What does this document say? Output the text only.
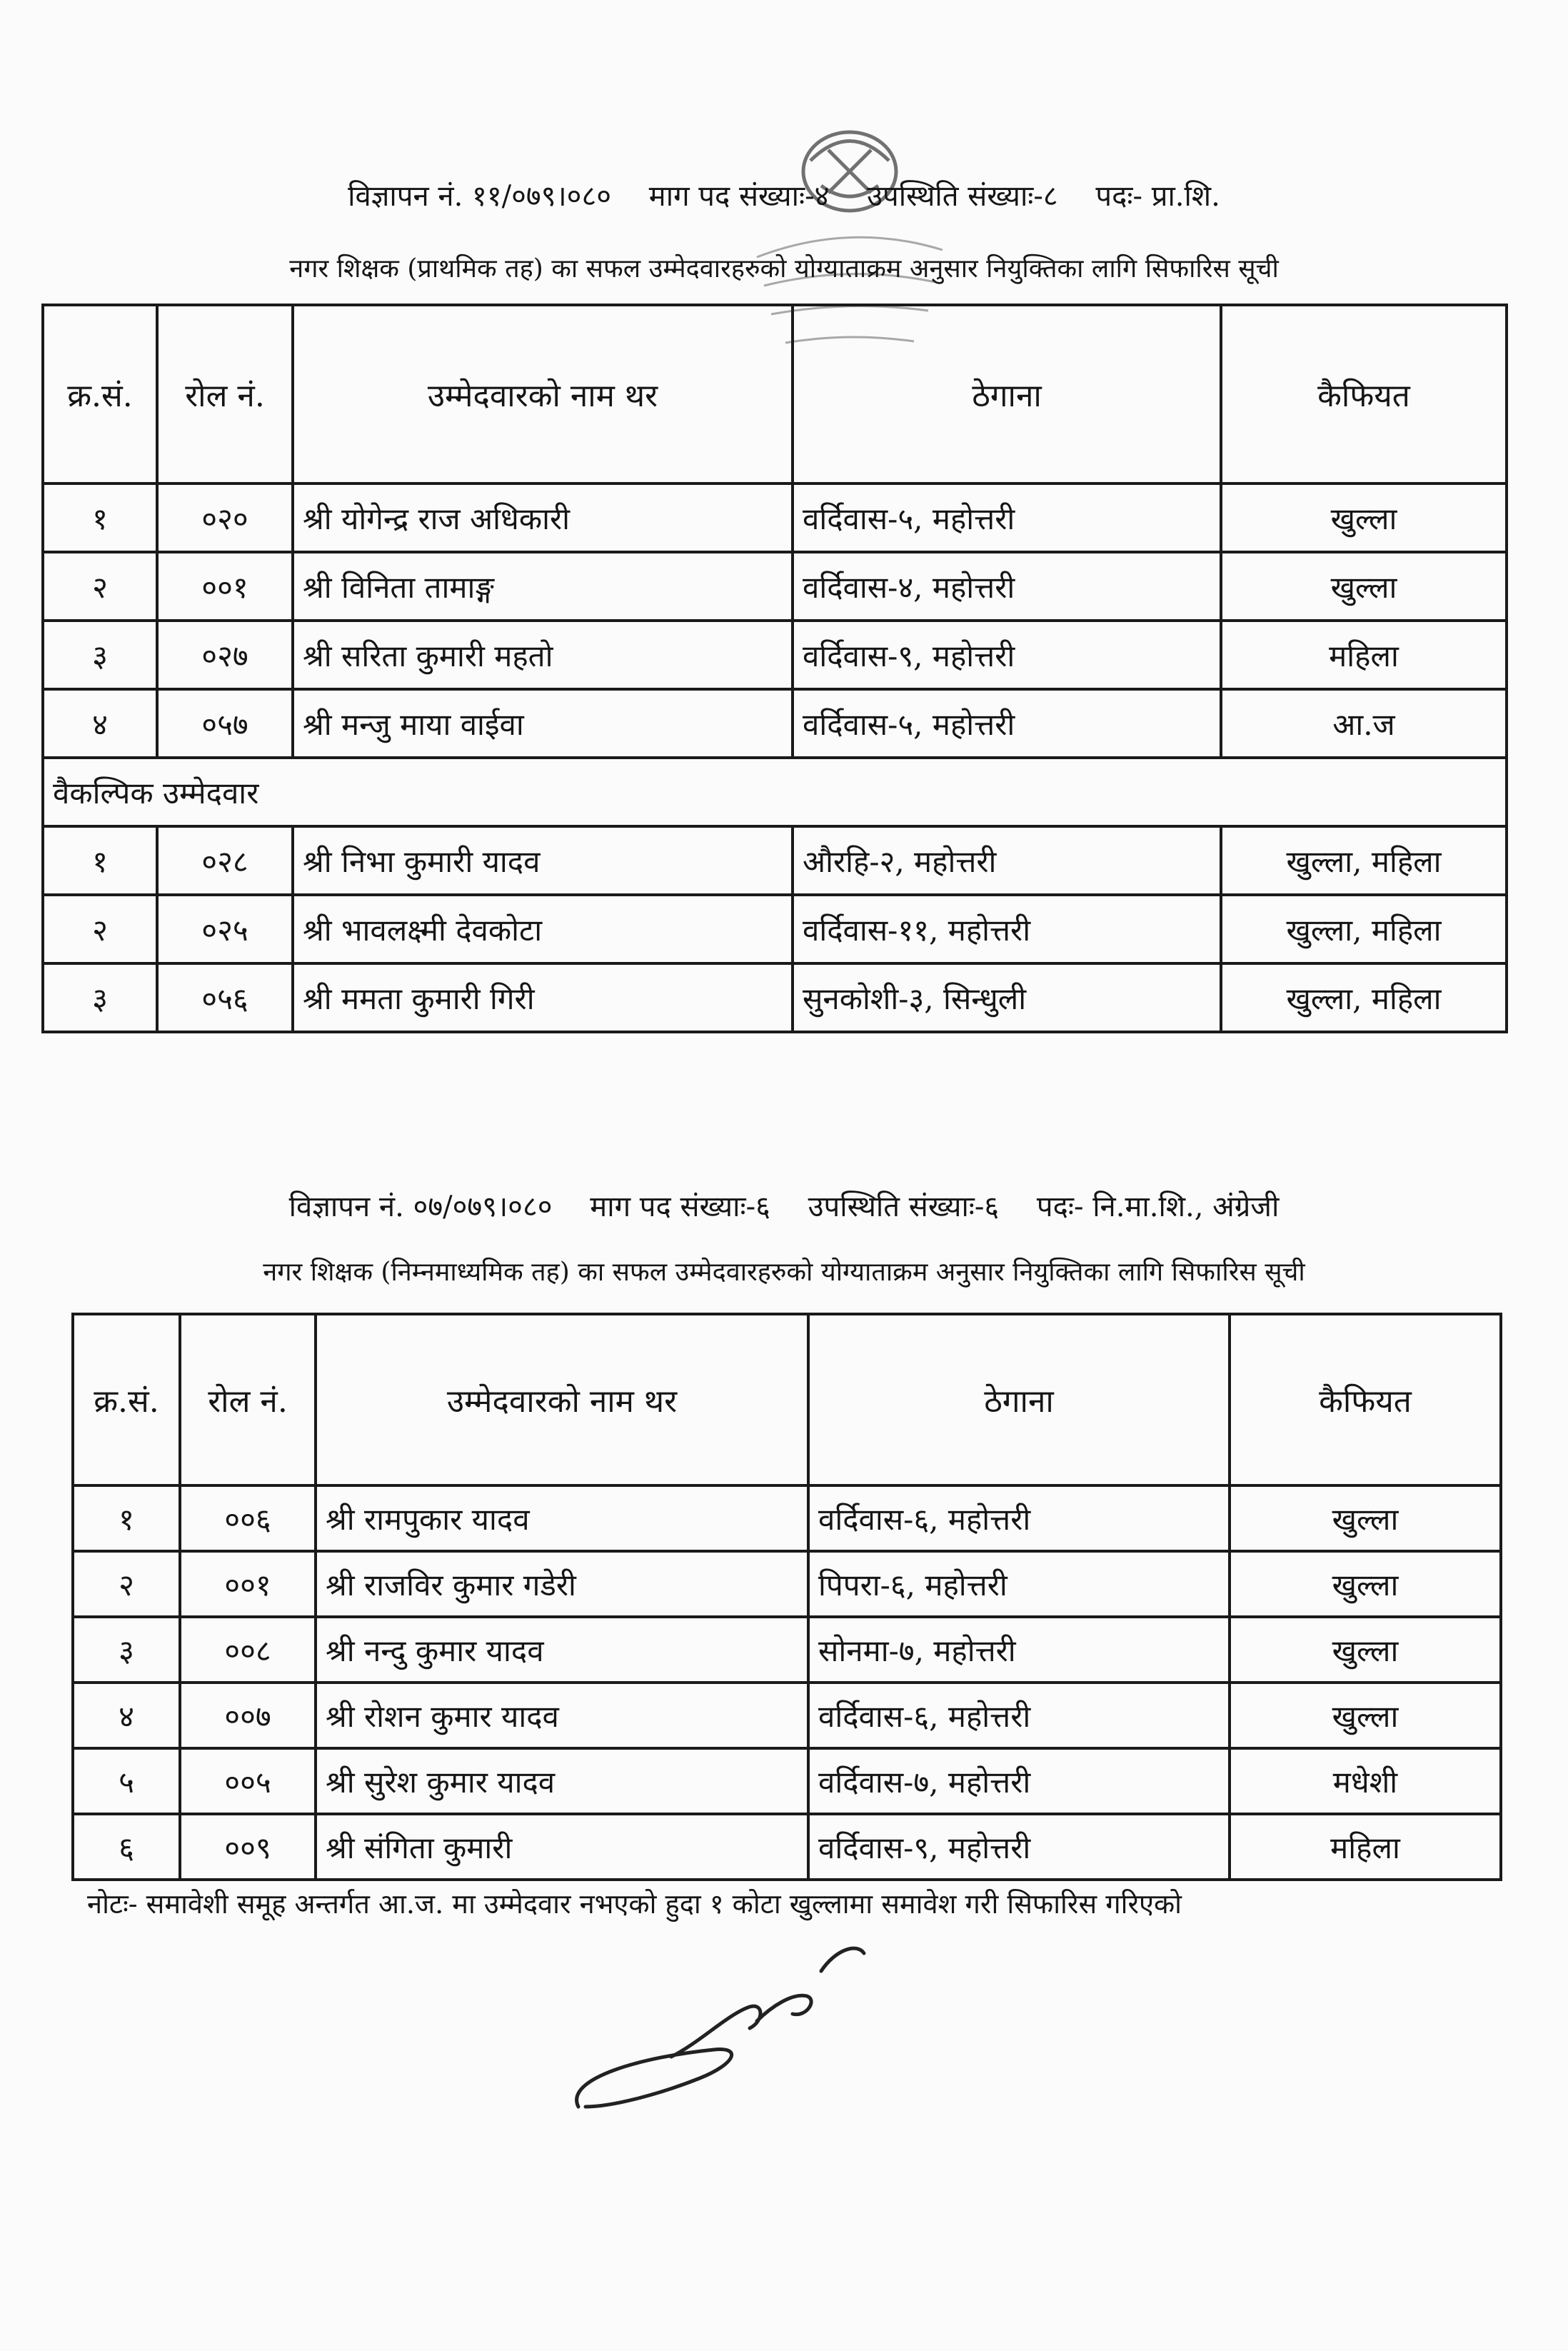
विज्ञापन नं. ११/०७९।०८० माग पद संख्याः-४ उपस्थिति संख्याः-८ पदः- प्रा.शि.
नगर शिक्षक (प्राथमिक तह) का सफल उम्मेदवारहरुको योग्याताक्रम अनुसार नियुक्तिका लागि सिफारिस सूची
क्र.सं.	रोल नं.	उम्मेदवारको नाम थर	ठेगाना	कैफियत
१	०२०	श्री योगेन्द्र राज अधिकारी	वर्दिवास-५, महोत्तरी	खुल्ला
२	००१	श्री विनिता तामाङ्ग	वर्दिवास-४, महोत्तरी	खुल्ला
३	०२७	श्री सरिता कुमारी महतो	वर्दिवास-९, महोत्तरी	महिला
४	०५७	श्री मन्जु माया वाईवा	वर्दिवास-५, महोत्तरी	आ.ज
वैकल्पिक उम्मेदवार				
१	०२८	श्री निभा कुमारी यादव	औरहि-२, महोत्तरी	खुल्ला, महिला
२	०२५	श्री भावलक्ष्मी देवकोटा	वर्दिवास-११, महोत्तरी	खुल्ला, महिला
३	०५६	श्री ममता कुमारी गिरी	सुनकोशी-३, सिन्धुली	खुल्ला, महिला
विज्ञापन नं. ०७/०७९।०८० माग पद संख्याः-६ उपस्थिति संख्याः-६ पदः- नि.मा.शि., अंग्रेजी
नगर शिक्षक (निम्नमाध्यमिक तह) का सफल उम्मेदवारहरुको योग्याताक्रम अनुसार नियुक्तिका लागि सिफारिस सूची
क्र.सं.	रोल नं.	उम्मेदवारको नाम थर	ठेगाना	कैफियत
१	००६	श्री रामपुकार यादव	वर्दिवास-६, महोत्तरी	खुल्ला
२	००१	श्री राजविर कुमार गडेरी	पिपरा-६, महोत्तरी	खुल्ला
३	००८	श्री नन्दु कुमार यादव	सोनमा-७, महोत्तरी	खुल्ला
४	००७	श्री रोशन कुमार यादव	वर्दिवास-६, महोत्तरी	खुल्ला
५	००५	श्री सुरेश कुमार यादव	वर्दिवास-७, महोत्तरी	मधेशी
६	००९	श्री संगिता कुमारी	वर्दिवास-९, महोत्तरी	महिला
नोटः- समावेशी समूह अन्तर्गत आ.ज. मा उम्मेदवार नभएको हुदा १ कोटा खुल्लामा समावेश गरी सिफारिस गरिएको
